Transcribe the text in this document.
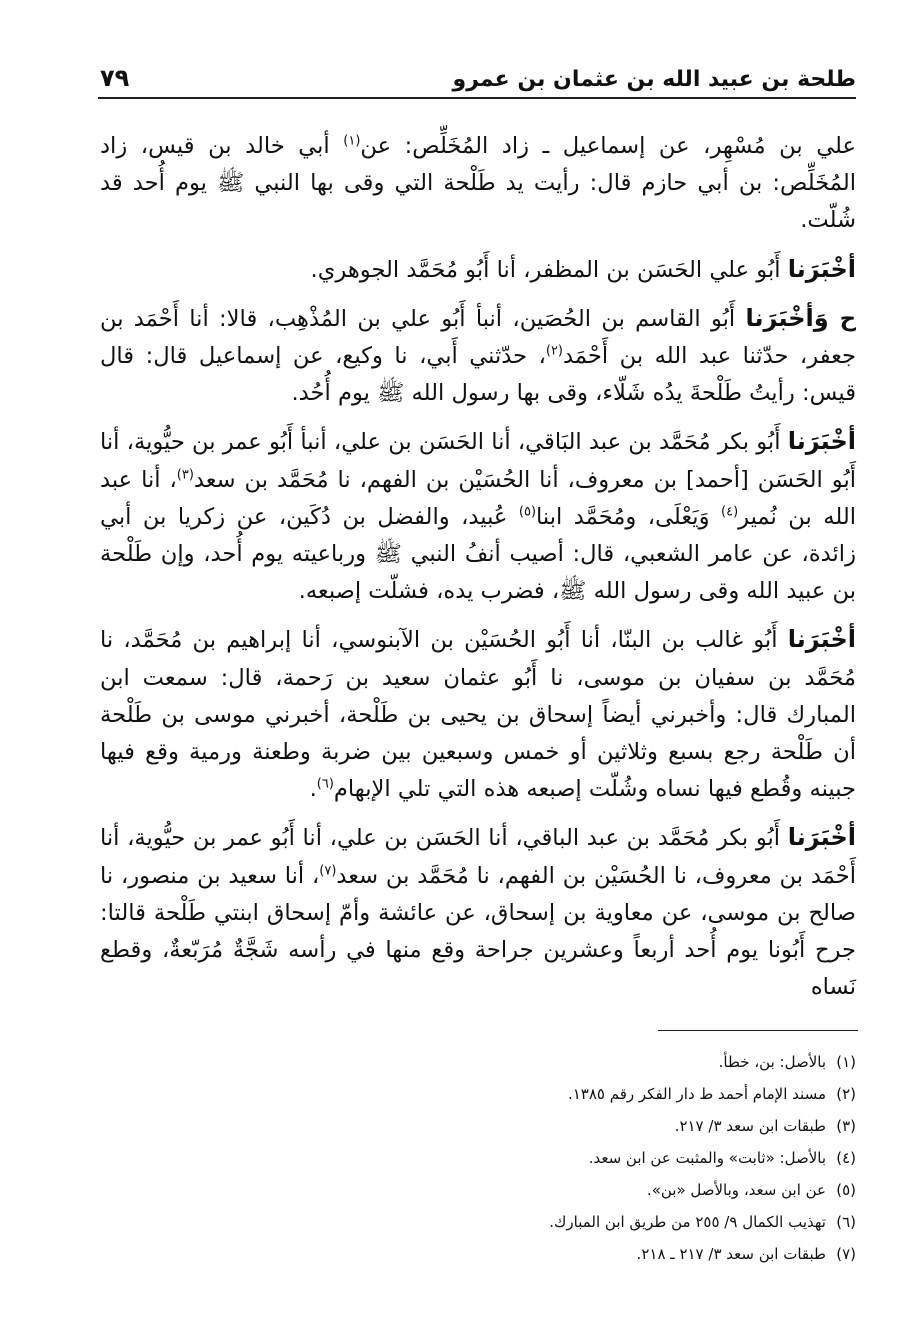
طلحة بن عبيد الله بن عثمان بن عمرو
٧٩

علي بن مُسْهِر، عن إسماعيل ـ زاد المُخَلِّص: عن$^{(١)}$ أبي خالد بن قيس، زاد المُخَلِّص: بن أبي حازم قال: رأيت يد طَلْحة التي وقى بها النبي ﷺ يوم أُحد قد شُلّت.

أخْبَرَنا أَبُو علي الحَسَن بن المظفر، أنا أَبُو مُحَمَّد الجوهري.

ح وَأخْبَرَنا أَبُو القاسم بن الحُصَين، أنبأ أَبُو علي بن المُذْهِب، قالا: أنا أَحْمَد بن جعفر، حدّثنا عبد الله بن أَحْمَد$^{(٢)}$، حدّثني أَبي، نا وكيع، عن إسماعيل قال: قال قيس: رأيتُ طَلْحةَ يدُه شَلّاء، وقى بها رسول الله ﷺ يوم أُحُد.

أخْبَرَنا أَبُو بكر مُحَمَّد بن عبد البَاقي، أنا الحَسَن بن علي، أنبأ أَبُو عمر بن حيُّوية، أنا أَبُو الحَسَن [أحمد] بن معروف، أنا الحُسَيْن بن الفهم، نا مُحَمَّد بن سعد$^{(٣)}$، أنا عبد الله بن نُمير$^{(٤)}$ وَيَعْلَى، ومُحَمَّد ابنا$^{(٥)}$ عُبيد، والفضل بن دُكَين، عن زكريا بن أبي زائدة، عن عامر الشعبي، قال: أصيب أنفُ النبي ﷺ ورباعيته يوم أُحد، وإن طَلْحة بن عبيد الله وقى رسول الله ﷺ، فضرب يده، فشلّت إصبعه.

أخْبَرَنا أَبُو غالب بن البنّا، أنا أَبُو الحُسَيْن بن الآبنوسي، أنا إبراهيم بن مُحَمَّد، نا مُحَمَّد بن سفيان بن موسى، نا أَبُو عثمان سعيد بن رَحمة، قال: سمعت ابن المبارك قال: وأخبرني أيضاً إسحاق بن يحيى بن طَلْحة، أخبرني موسى بن طَلْحة أن طَلْحة رجع بسبع وثلاثين أو خمس وسبعين بين ضربة وطعنة ورمية وقع فيها جبينه وقُطع فيها نساه وشُلّت إصبعه هذه التي تلي الإبهام$^{(٦)}$.

أخْبَرَنا أَبُو بكر مُحَمَّد بن عبد الباقي، أنا الحَسَن بن علي، أنا أَبُو عمر بن حيُّوية، أنا أَحْمَد بن معروف، نا الحُسَيْن بن الفهم، نا مُحَمَّد بن سعد$^{(٧)}$، أنا سعيد بن منصور، نا صالح بن موسى، عن معاوية بن إسحاق، عن عائشة وأمّ إسحاق ابنتي طَلْحة قالتا: جرح أَبُونا يوم أُحد أربعاً وعشرين جراحة وقع منها في رأسه شَجَّةٌ مُرَبّعةٌ، وقطع نَساه

(١)بالأصل: بن، خطأ.
(٢)مسند الإمام أحمد ط دار الفكر رقم ١٣٨٥.
(٣)طبقات ابن سعد ٣/ ٢١٧.
(٤)بالأصل: «ثابت» والمثبت عن ابن سعد.
(٥)عن ابن سعد، وبالأصل «بن».
(٦)تهذيب الكمال ٩/ ٢٥٥ من طريق ابن المبارك.
(٧)طبقات ابن سعد ٣/ ٢١٧ ـ ٢١٨.
